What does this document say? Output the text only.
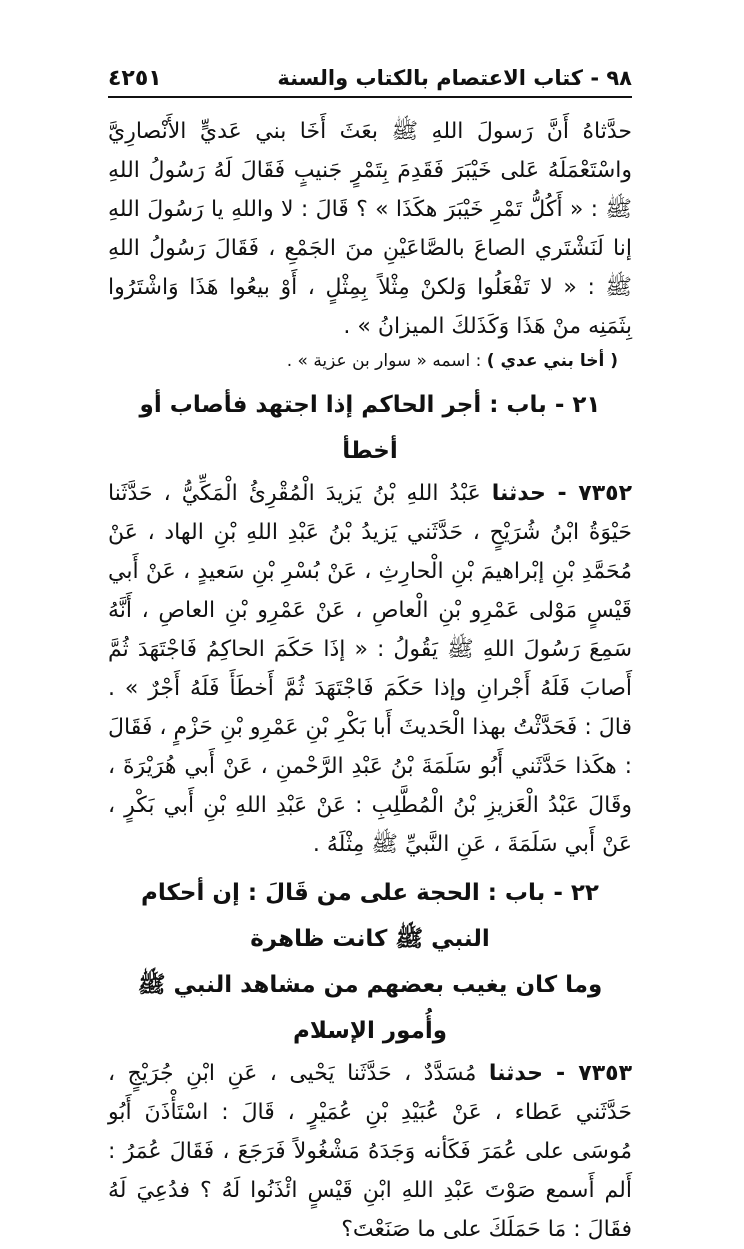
٩٨ - كتاب الاعتصام بالكتاب والسنة
٤٢٥١

حدَّثاهُ أَنَّ رَسولَ اللهِ ﷺ بعَثَ أَخَا بني عَديٍّ الأَنْصارِيَّ واسْتَعْمَلَهُ عَلى خَيْبَرَ فَقَدِمَ بِتَمْرٍ جَنيبٍ فَقَالَ لَهُ رَسُولُ اللهِ ﷺ : « أَكُلُّ تَمْرِ خَيْبَرَ هكَذَا » ؟ قَالَ : لا واللهِ يا رَسُولَ اللهِ إنا لَنَشْتَري الصاعَ بالصَّاعَيْنِ منَ الجَمْعِ ، فَقَالَ رَسُولُ اللهِ ﷺ : « لا تَفْعَلُوا وَلكنْ مِثْلاً بِمِثْلٍ ، أَوْ بيعُوا هَذَا وَاشْتَرُوا بِثَمَنِه منْ هَذَا وَكَذَلكَ الميزانُ » .

( أخا بني عدي ) : اسمه « سوار بن عزية » .

٢١ - باب : أجر الحاكم إذا اجتهد فأصاب أو أخطأ

٧٣٥٢ - حدثنا عَبْدُ اللهِ بْنُ يَزيدَ الْمُقْرِئُ الْمَكِّيُّ ، حَدَّثَنا حَيْوَةُ ابْنُ شُرَيْحٍ ، حَدَّثَني يَزيدُ بْنُ عَبْدِ اللهِ بْنِ الهاد ، عَنْ مُحَمَّدِ بْنِ إبْراهيمَ بْنِ الْحارِثِ ، عَنْ بُسْرِ بْنِ سَعيدٍ ، عَنْ أَبي قَيْسٍ مَوْلى عَمْرِو بْنِ الْعاصِ ، عَنْ عَمْرِو بْنِ العاصِ ، أَنَّهُ سَمِعَ رَسُولَ اللهِ ﷺ يَقُولُ : « إذَا حَكَمَ الحاكِمُ فَاجْتَهَدَ ثُمَّ أَصابَ فَلَهُ أَجْرانِ وإذا حَكَمَ فَاجْتَهَدَ ثُمَّ أَخطَأَ فَلَهُ أَجْرٌ » . قالَ : فَحَدَّثْتُ بهذا الْحَديثَ أَبا بَكْرِ بْنِ عَمْرِو بْنِ حَزْمٍ ، فَقَالَ : هكَذا حَدَّثَني أَبُو سَلَمَةَ بْنُ عَبْدِ الرَّحْمنِ ، عَنْ أَبي هُرَيْرَةَ ، وقَالَ عَبْدُ الْعَزيزِ بْنُ الْمُطَّلِبِ : عَنْ عَبْدِ اللهِ بْنِ أَبي بَكْرٍ ، عَنْ أَبي سَلَمَةَ ، عَنِ النَّبيِّ ﷺ مِثْلَهُ .

٢٢ - باب : الحجة على من قَالَ : إن أحكام النبي ﷺ كانت ظاهرة

وما كان يغيب بعضهم من مشاهد النبي ﷺ وأُمور الإسلام

٧٣٥٣ - حدثنا مُسَدَّدٌ ، حَدَّثَنا يَحْيى ، عَنِ ابْنِ جُرَيْجٍ ، حَدَّثَني عَطاء ، عَنْ عُبَيْدِ بْنِ عُمَيْرٍ ، قَالَ : اسْتَأْذَنَ أَبُو مُوسَى على عُمَرَ فَكَأنه وَجَدَهُ مَشْغُولاً فَرَجَعَ ، فَقَالَ عُمَرُ : أَلم أَسمع صَوْتَ عَبْدِ اللهِ ابْنِ قَيْسٍ ائْذَنُوا لَهُ ؟ فدُعِيَ لَهُ فقَالَ : مَا حَمَلَكَ على ما صَنَعْتَ؟
